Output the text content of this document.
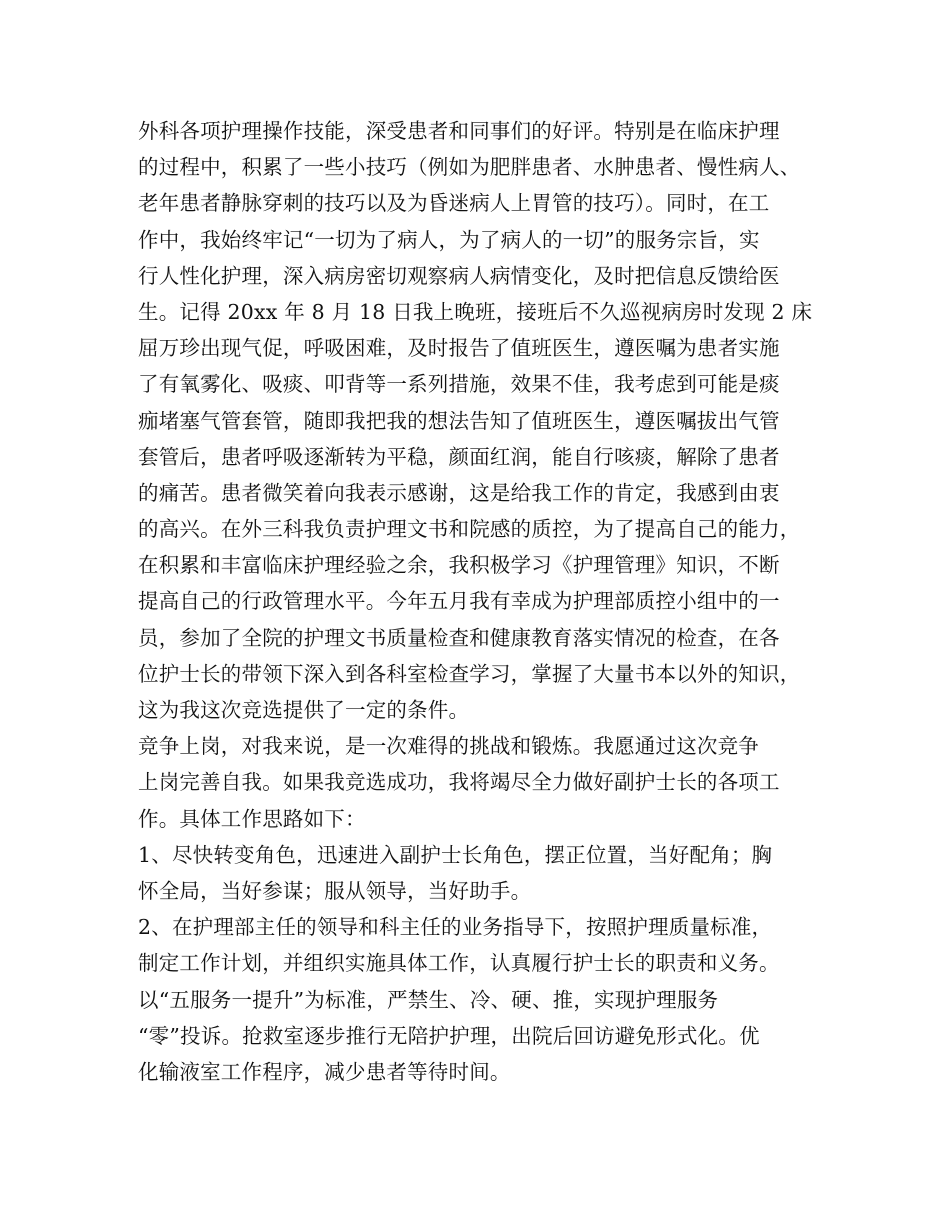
外科各项护理操作技能，深受患者和同事们的好评。特别是在临床护理
的过程中，积累了一些小技巧（例如为肥胖患者、水肿患者、慢性病人、
老年患者静脉穿刺的技巧以及为昏迷病人上胃管的技巧）。同时，在工
作中，我始终牢记“一切为了病人，为了病人的一切”的服务宗旨，实
行人性化护理，深入病房密切观察病人病情变化，及时把信息反馈给医
生。记得 20xx 年 8 月 18 日我上晚班，接班后不久巡视病房时发现 2 床
屈万珍出现气促，呼吸困难，及时报告了值班医生，遵医嘱为患者实施
了有氧雾化、吸痰、叩背等一系列措施，效果不佳，我考虑到可能是痰
痂堵塞气管套管，随即我把我的想法告知了值班医生，遵医嘱拔出气管
套管后，患者呼吸逐渐转为平稳，颜面红润，能自行咳痰，解除了患者
的痛苦。患者微笑着向我表示感谢，这是给我工作的肯定，我感到由衷
的高兴。在外三科我负责护理文书和院感的质控，为了提高自己的能力，
在积累和丰富临床护理经验之余，我积极学习《护理管理》知识，不断
提高自己的行政管理水平。今年五月我有幸成为护理部质控小组中的一
员，参加了全院的护理文书质量检查和健康教育落实情况的检查，在各
位护士长的带领下深入到各科室检查学习，掌握了大量书本以外的知识，
这为我这次竞选提供了一定的条件。
竞争上岗，对我来说，是一次难得的挑战和锻炼。我愿通过这次竞争
上岗完善自我。如果我竞选成功，我将竭尽全力做好副护士长的各项工
作。具体工作思路如下：
1、尽快转变角色，迅速进入副护士长角色，摆正位置，当好配角；胸
怀全局，当好参谋；服从领导，当好助手。
2、在护理部主任的领导和科主任的业务指导下，按照护理质量标准，
制定工作计划，并组织实施具体工作，认真履行护士长的职责和义务。
以“五服务一提升”为标准，严禁生、冷、硬、推，实现护理服务
“零”投诉。抢救室逐步推行无陪护护理，出院后回访避免形式化。优
化输液室工作程序，减少患者等待时间。
